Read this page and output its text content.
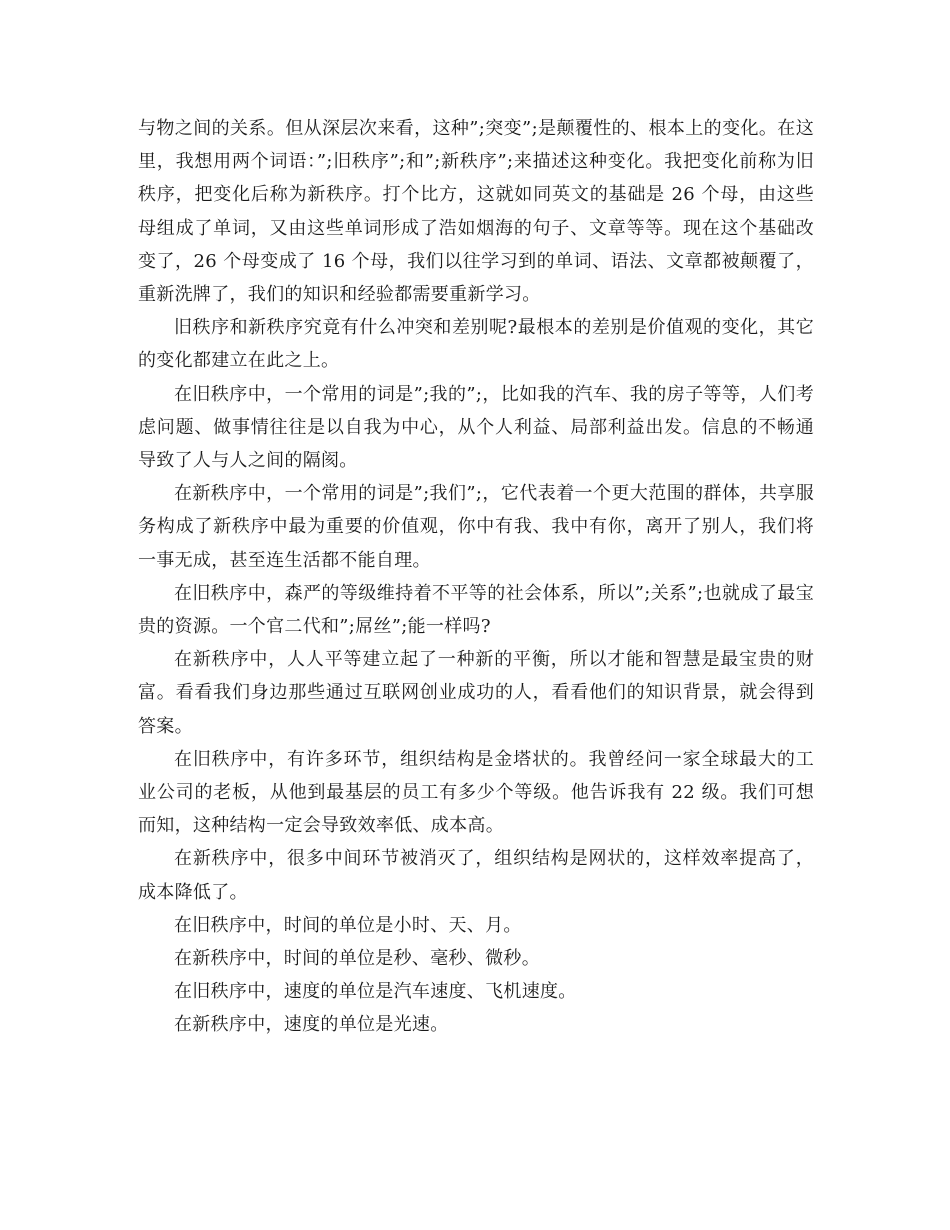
与物之间的关系。但从深层次来看，这种”;突变”;是颠覆性的、根本上的变化。在这里，我想用两个词语：”;旧秩序”;和”;新秩序”;来描述这种变化。我把变化前称为旧秩序，把变化后称为新秩序。打个比方，这就如同英文的基础是 26 个母，由这些母组成了单词，又由这些单词形成了浩如烟海的句子、文章等等。现在这个基础改变了，26 个母变成了 16 个母，我们以往学习到的单词、语法、文章都被颠覆了，重新洗牌了，我们的知识和经验都需要重新学习。

旧秩序和新秩序究竟有什么冲突和差别呢?最根本的差别是价值观的变化，其它的变化都建立在此之上。

在旧秩序中，一个常用的词是”;我的”;，比如我的汽车、我的房子等等，人们考虑问题、做事情往往是以自我为中心，从个人利益、局部利益出发。信息的不畅通导致了人与人之间的隔阂。

在新秩序中，一个常用的词是”;我们”;，它代表着一个更大范围的群体，共享服务构成了新秩序中最为重要的价值观，你中有我、我中有你，离开了别人，我们将一事无成，甚至连生活都不能自理。

在旧秩序中，森严的等级维持着不平等的社会体系，所以”;关系”;也就成了最宝贵的资源。一个官二代和”;屌丝”;能一样吗?

在新秩序中，人人平等建立起了一种新的平衡，所以才能和智慧是最宝贵的财富。看看我们身边那些通过互联网创业成功的人，看看他们的知识背景，就会得到答案。

在旧秩序中，有许多环节，组织结构是金塔状的。我曾经问一家全球最大的工业公司的老板，从他到最基层的员工有多少个等级。他告诉我有 22 级。我们可想而知，这种结构一定会导致效率低、成本高。

在新秩序中，很多中间环节被消灭了，组织结构是网状的，这样效率提高了，成本降低了。

在旧秩序中，时间的单位是小时、天、月。

在新秩序中，时间的单位是秒、毫秒、微秒。

在旧秩序中，速度的单位是汽车速度、飞机速度。

在新秩序中，速度的单位是光速。
